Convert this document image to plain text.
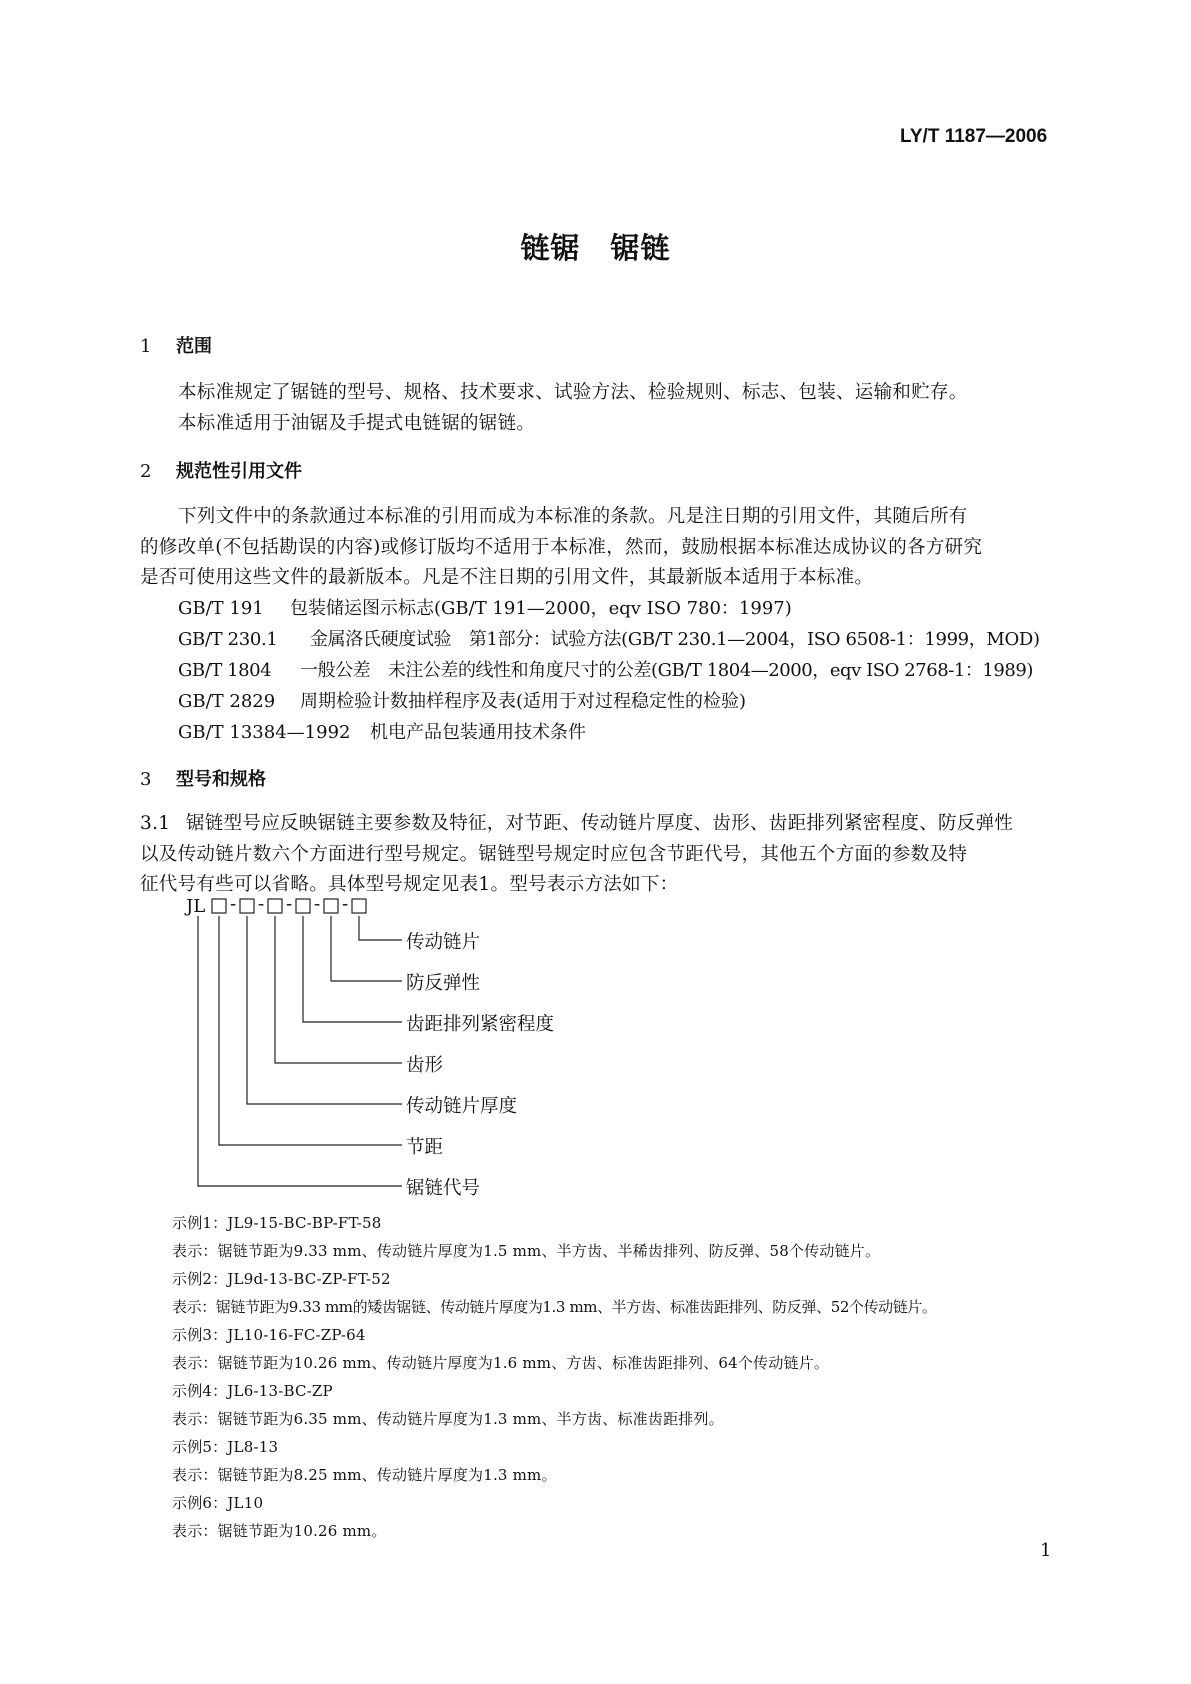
LY/T 1187—2006
链锯　锯链
1 范围
本标准规定了锯链的型号、规格、技术要求、试验方法、检验规则、标志、包装、运输和贮存。
本标准适用于油锯及手提式电链锯的锯链。
2 规范性引用文件
下列文件中的条款通过本标准的引用而成为本标准的条款。凡是注日期的引用文件，其随后所有
的修改单(不包括勘误的内容)或修订版均不适用于本标准，然而，鼓励根据本标准达成协议的各方研究
是否可使用这些文件的最新版本。凡是不注日期的引用文件，其最新版本适用于本标准。
GB/T 191 包装储运图示标志(GB/T 191—2000，eqv ISO 780：1997)
GB/T 230.1 金属洛氏硬度试验　第1部分：试验方法(GB/T 230.1—2004，ISO 6508-1：1999，MOD)
GB/T 1804 一般公差　未注公差的线性和角度尺寸的公差(GB/T 1804—2000，eqv ISO 2768-1：1989)
GB/T 2829 周期检验计数抽样程序及表(适用于对过程稳定性的检验)
GB/T 13384—1992 机电产品包装通用技术条件
3 型号和规格
3.1 锯链型号应反映锯链主要参数及特征，对节距、传动链片厚度、齿形、齿距排列紧密程度、防反弹性
以及传动链片数六个方面进行型号规定。锯链型号规定时应包含节距代号，其他五个方面的参数及特
征代号有些可以省略。具体型号规定见表1。型号表示方法如下：
JL - - - - -
传动链片
防反弹性
齿距排列紧密程度
齿形
传动链片厚度
节距
锯链代号
示例1：JL9-15-BC-BP-FT-58
表示：锯链节距为9.33 mm、传动链片厚度为1.5 mm、半方齿、半稀齿排列、防反弹、58个传动链片。
示例2：JL9d-13-BC-ZP-FT-52
表示：锯链节距为9.33 mm的矮齿锯链、传动链片厚度为1.3 mm、半方齿、标准齿距排列、防反弹、52个传动链片。
示例3：JL10-16-FC-ZP-64
表示：锯链节距为10.26 mm、传动链片厚度为1.6 mm、方齿、标准齿距排列、64个传动链片。
示例4：JL6-13-BC-ZP
表示：锯链节距为6.35 mm、传动链片厚度为1.3 mm、半方齿、标准齿距排列。
示例5：JL8-13
表示：锯链节距为8.25 mm、传动链片厚度为1.3 mm。
示例6：JL10
表示：锯链节距为10.26 mm。
1
